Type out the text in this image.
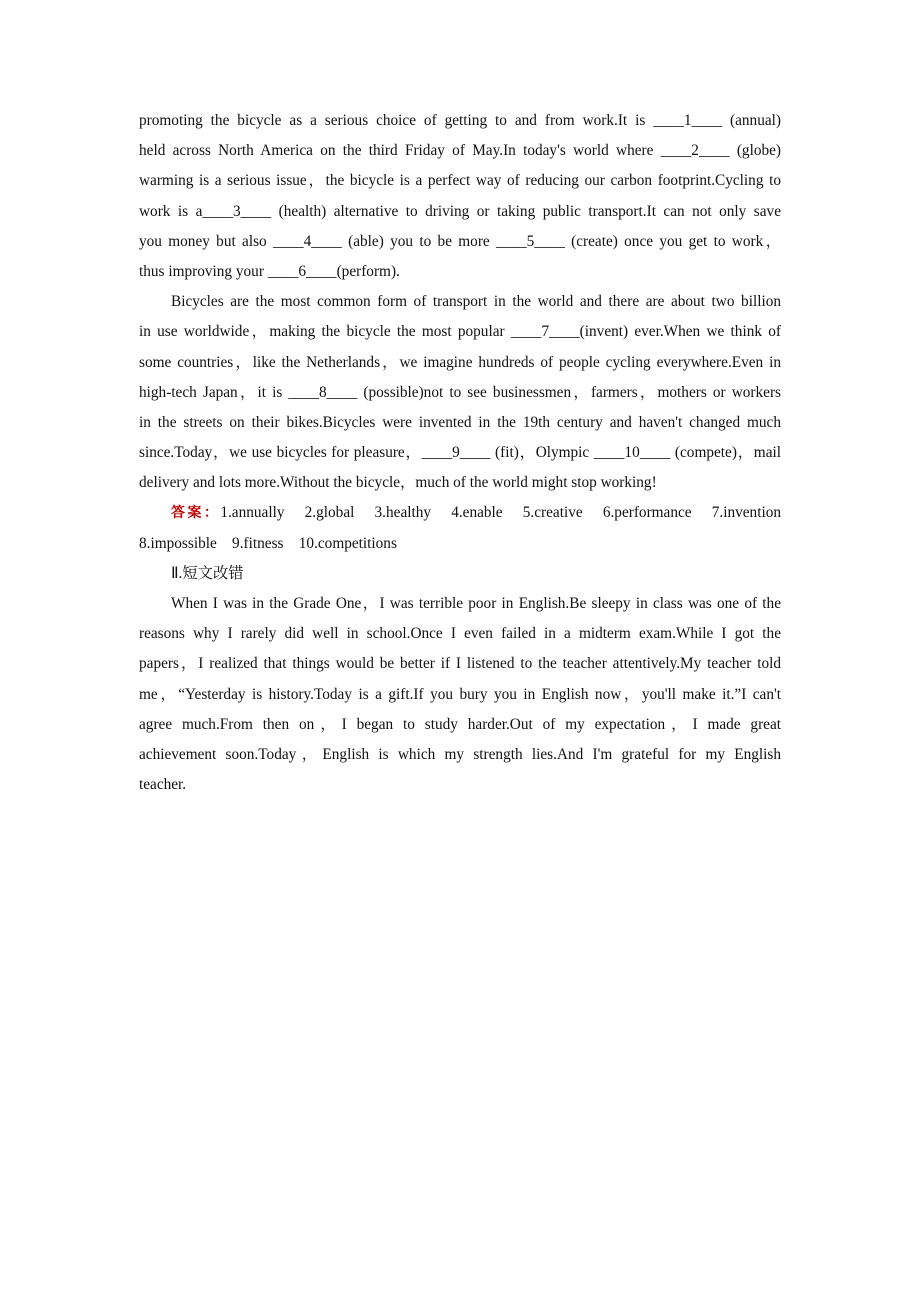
promoting the bicycle as a serious choice of getting to and from work.It is ____1____ (annual)
held across North America on the third Friday of May.In today's world where ____2____ (globe)
warming is a serious issue，the bicycle is a perfect way of reducing our carbon footprint.Cycling to
work is a____3____ (health) alternative to driving or taking public transport.It can not only save
you money but also ____4____ (able) you to be more ____5____ (create) once you get to work，
thus improving your ____6____(perform).
Bicycles are the most common form of transport in the world and there are about two billion
in use worldwide，making the bicycle the most popular ____7____(invent) ever.When we think of
some countries，like the Netherlands，we imagine hundreds of people cycling everywhere.Even in
high-tech Japan，it is ____8____ (possible)not to see businessmen，farmers，mothers or workers
in the streets on their bikes.Bicycles were invented in the 19th century and haven't changed much
since.Today，we use bicycles for pleasure，____9____ (fit)，Olympic ____10____ (compete)，mail
delivery and lots more.Without the bicycle，much of the world might stop working!
答案：1.annually　2.global　3.healthy　4.enable　5.creative　6.performance　7.invention
8.impossible　9.fitness　10.competitions
Ⅱ.短文改错
When I was in the Grade One，I was terrible poor in English.Be sleepy in class was one of the
reasons why I rarely did well in school.Once I even failed in a midterm exam.While I got the
papers，I realized that things would be better if I listened to the teacher attentively.My teacher told
me，“Yesterday is history.Today is a gift.If you bury you in English now，you'll make it.”I can't
agree much.From then on，I began to study harder.Out of my expectation，I made great
achievement soon.Today，English is which my strength lies.And I'm grateful for my English
teacher.
